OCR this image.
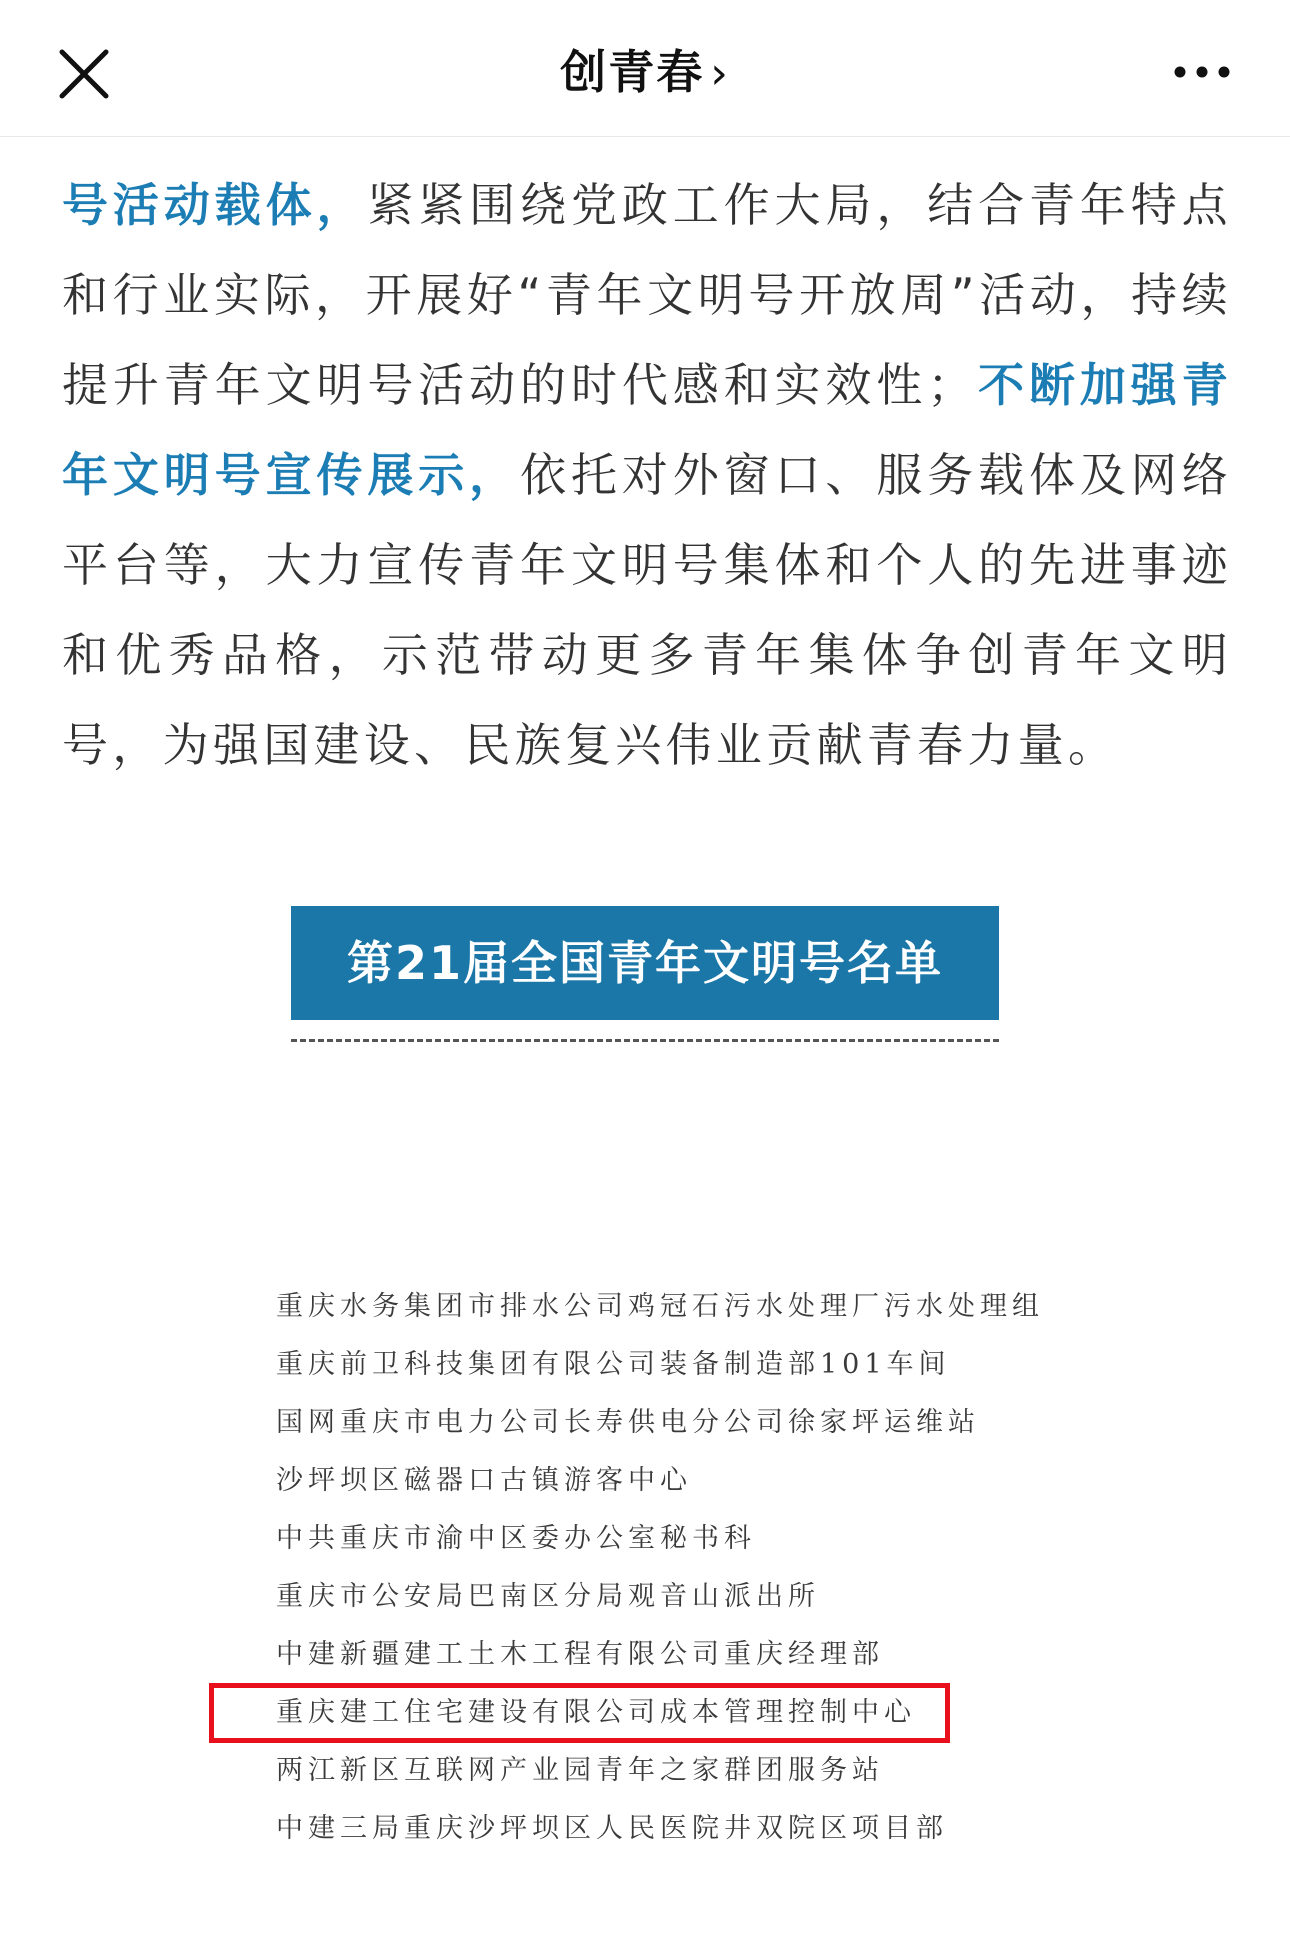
创青春 ›
号活动载体，紧紧围绕党政工作大局，结合青年特点和行业实际，开展好“青年文明号开放周”活动，持续提升青年文明号活动的时代感和实效性；不断加强青年文明号宣传展示，依托对外窗口、服务载体及网络平台等，大力宣传青年文明号集体和个人的先进事迹和优秀品格，示范带动更多青年集体争创青年文明号，为强国建设、民族复兴伟业贡献青春力量。
第21届全国青年文明号名单
重庆水务集团市排水公司鸡冠石污水处理厂污水处理组
重庆前卫科技集团有限公司装备制造部101车间
国网重庆市电力公司长寿供电分公司徐家坪运维站
沙坪坝区磁器口古镇游客中心
中共重庆市渝中区委办公室秘书科
重庆市公安局巴南区分局观音山派出所
中建新疆建工土木工程有限公司重庆经理部
重庆建工住宅建设有限公司成本管理控制中心
两江新区互联网产业园青年之家群团服务站
中建三局重庆沙坪坝区人民医院井双院区项目部
